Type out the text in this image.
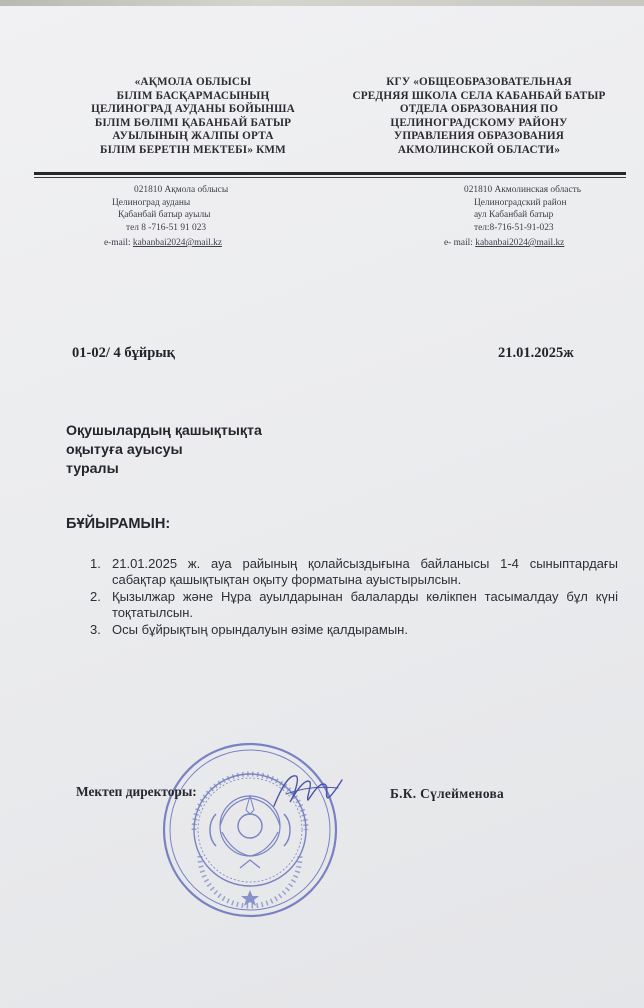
«АҚМОЛА ОБЛЫСЫ
БІЛІМ БАСҚАРМАСЫНЫҢ
ЦЕЛИНОГРАД АУДАНЫ БОЙЫНША
БІЛІМ БӨЛІМІ ҚАБАНБАЙ БАТЫР
АУЫЛЫНЫҢ ЖАЛПЫ ОРТА
БІЛІМ БЕРЕТІН МЕКТЕБІ» КММ
КГУ «ОБЩЕОБРАЗОВАТЕЛЬНАЯ
СРЕДНЯЯ ШКОЛА СЕЛА КАБАНБАЙ БАТЫР
ОТДЕЛА ОБРАЗОВАНИЯ ПО
ЦЕЛИНОГРАДСКОМУ РАЙОНУ
УПРАВЛЕНИЯ ОБРАЗОВАНИЯ
АКМОЛИНСКОЙ ОБЛАСТИ»
021810 Ақмола облысы
Целиноград ауданы
Қабанбай батыр ауылы
тел 8 -716-51 91 023
e-mail: kabanbai2024@mail.kz
021810 Акмолинская область
Целиноградский район
аул Кабанбай батыр
тел:8-716-51-91-023
e- mail: kabanbai2024@mail.kz
01-02/ 4 бұйрық	21.01.2025ж
Оқушылардың қашықтықта
оқытуға ауысуы
туралы
БҰЙЫРАМЫН:
1. 21.01.2025 ж. ауа райының қолайсыздығына байланысы 1-4 сыныптардағы сабақтар қашықтықтан оқыту форматына ауыстырылсын.
2. Қызылжар және Нұра ауылдарынан балаларды көлікпен тасымалдау бұл күні тоқтатылсын.
3. Осы бұйрықтың орындалуын өзіме қалдырамын.
Мектеп директоры:	Б.К. Сүлейменова
